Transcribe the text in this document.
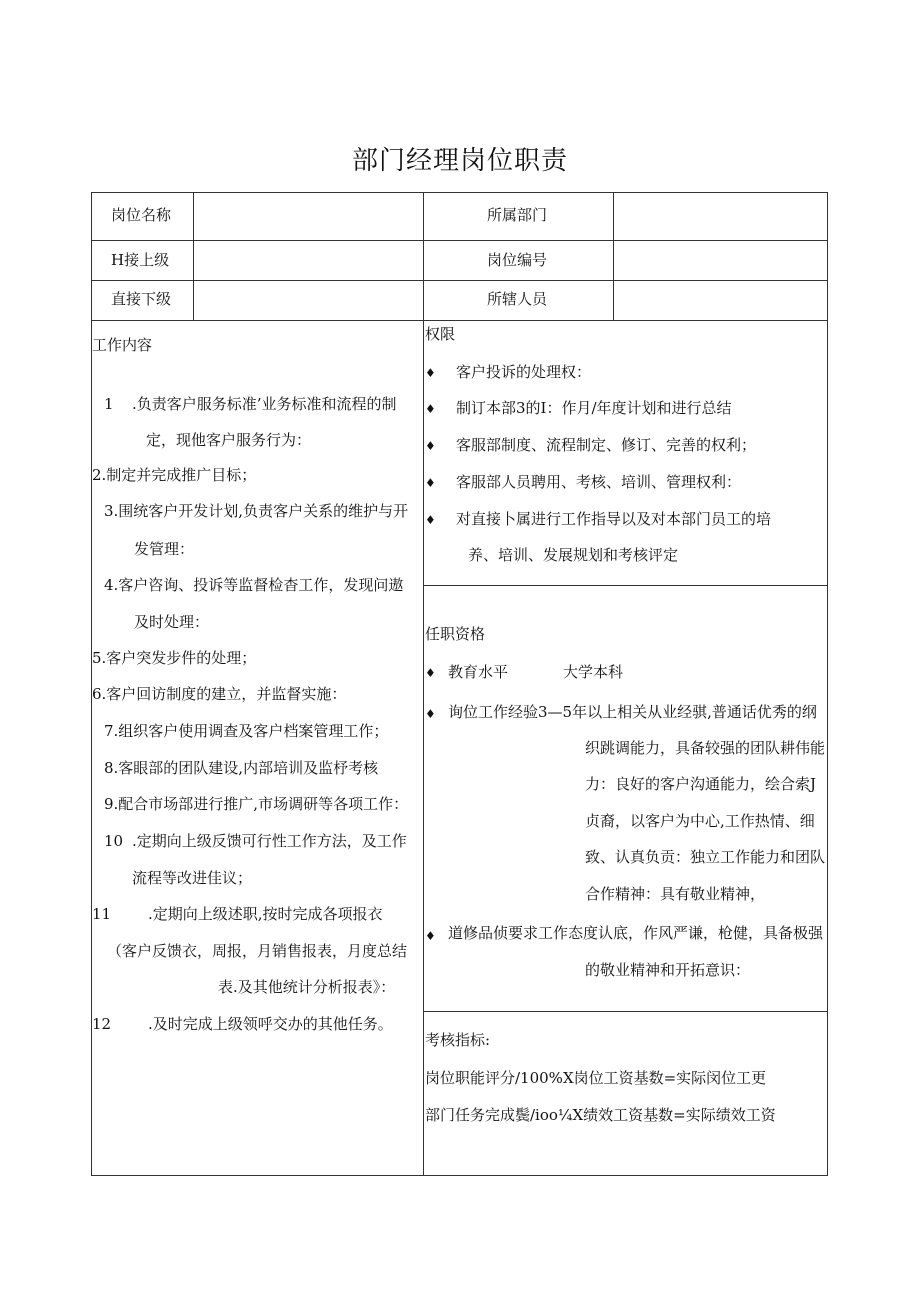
部门经理岗位职责
岗位名称	所属部门
H接上级	岗位编号
直接下级	所辖人员
工作内容
1 .负责客户服务标准’业务标准和流程的制
定，现他客户服务行为：
2.制定并完成推广目标；
3.围统客户开发计划,负责客户关系的维护与开
发管理：
4.客户咨询、投诉等监督检杳工作，发现问遨
及时处理：
5.客户突发步件的处理；
6.客户回访制度的建立，并监督实施：
7.组织客户使用调查及客户档案管理工作；
8.客眼部的团队建设,内部培训及监杼考核
9.配合市场部进行推广,市场调研等各项工作：
10 .定期向上级反馈可行性工作方法，及工作
流程等改进佳议；
11 .定期向上级述职,按时完成各项报衣
（客户反馈衣，周报，月销售报表，月度总结
表.及其他统计分析报表》：
12 .及时完成上级领呼交办的其他任务。
权限
♦ 客户投诉的处理权：
♦ 制订本部3的I：作月/年度计划和进行总结
♦ 客服部制度、流程制定、修订、完善的权利；
♦ 客服部人员聘用、考核、培训、管理权利：
♦ 对直接卜属进行工作指导以及对本部门员工的培
养、培训、发展规划和考核评定
任职资格
♦ 教育水平	大学本科
♦ 询位工作经验3—5年以上相关从业经骐,普通话优秀的纲
织跳调能力，具备较强的团队耕伟能
力：良好的客户沟通能力，绘合索J
贞裔，以客户为中心,工作热情、细
致、认真负贡：独立工作能力和团队
合作精神：具有敬业精神，
♦ 道修品侦要求工作态度认底，作风严谦，枪健，具备极强
的敬业精神和开拓意识：
考核指标:
岗位职能评分/100%X岗位工资基数=实际闵位工更
部门任务完成鬓/ioo¼X绩效工资基数=实际绩效工资
